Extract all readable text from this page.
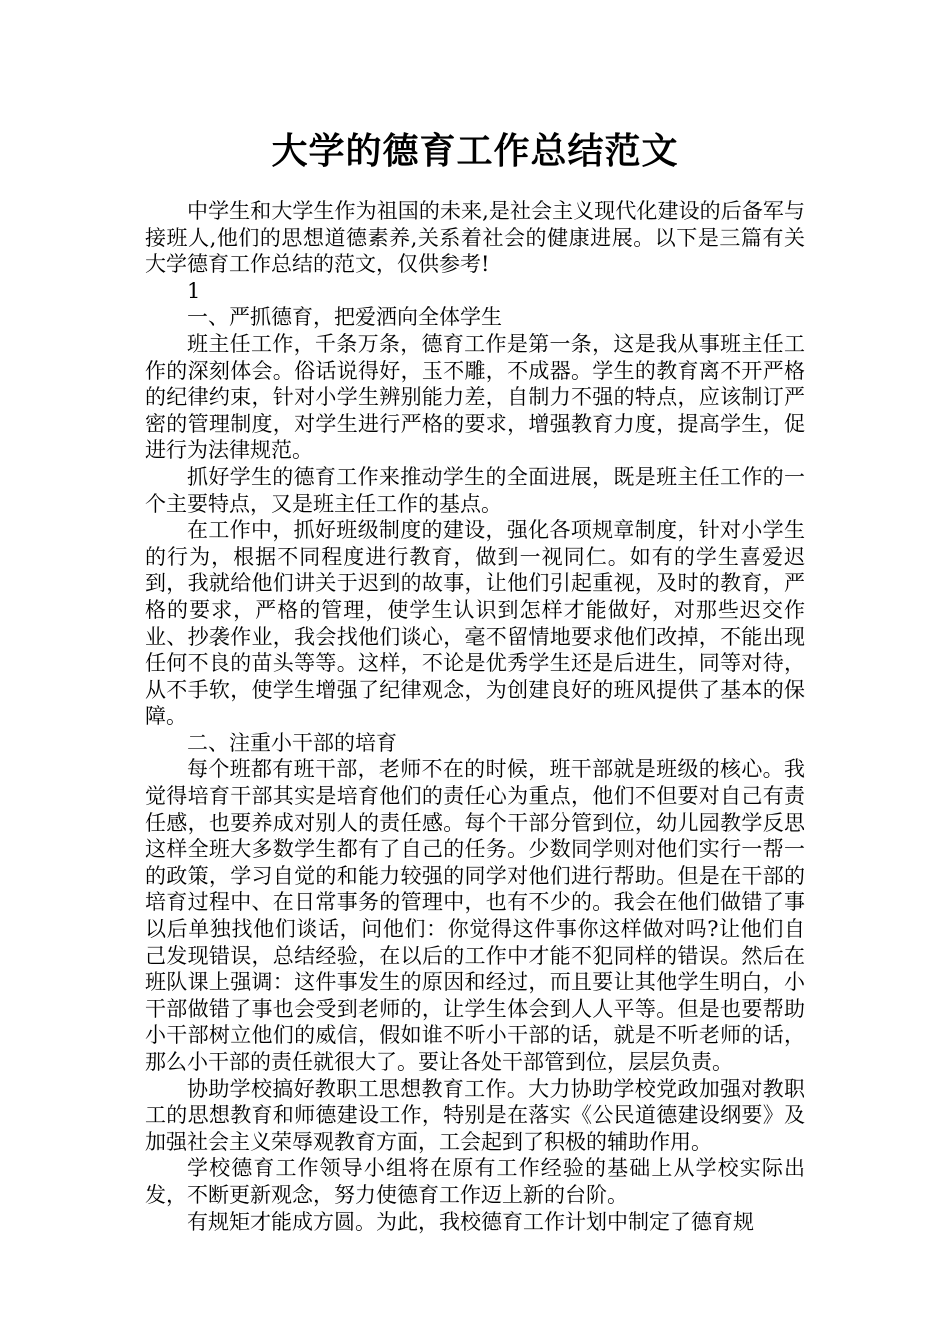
大学的德育工作总结范文

中学生和大学生作为祖国的未来,是社会主义现代化建设的后备军与接班人,他们的思想道德素养,关系着社会的健康进展。以下是三篇有关大学德育工作总结的范文，仅供参考!

1

一、严抓德育，把爱洒向全体学生

班主任工作，千条万条，德育工作是第一条，这是我从事班主任工作的深刻体会。俗话说得好，玉不雕，不成器。学生的教育离不开严格的纪律约束，针对小学生辨别能力差，自制力不强的特点，应该制订严密的管理制度，对学生进行严格的要求，增强教育力度，提高学生，促进行为法律规范。

抓好学生的德育工作来推动学生的全面进展，既是班主任工作的一个主要特点，又是班主任工作的基点。

在工作中，抓好班级制度的建设，强化各项规章制度，针对小学生的行为，根据不同程度进行教育，做到一视同仁。如有的学生喜爱迟到，我就给他们讲关于迟到的故事，让他们引起重视，及时的教育，严格的要求，严格的管理，使学生认识到怎样才能做好，对那些迟交作业、抄袭作业，我会找他们谈心，毫不留情地要求他们改掉，不能出现任何不良的苗头等等。这样，不论是优秀学生还是后进生，同等对待，从不手软，使学生增强了纪律观念，为创建良好的班风提供了基本的保障。

二、注重小干部的培育

每个班都有班干部，老师不在的时候，班干部就是班级的核心。我觉得培育干部其实是培育他们的责任心为重点，他们不但要对自己有责任感，也要养成对别人的责任感。每个干部分管到位，幼儿园教学反思这样全班大多数学生都有了自己的任务。少数同学则对他们实行一帮一的政策，学习自觉的和能力较强的同学对他们进行帮助。但是在干部的培育过程中、在日常事务的管理中，也有不少的。我会在他们做错了事以后单独找他们谈话，问他们：你觉得这件事你这样做对吗?让他们自己发现错误，总结经验，在以后的工作中才能不犯同样的错误。然后在班队课上强调：这件事发生的原因和经过，而且要让其他学生明白，小干部做错了事也会受到老师的，让学生体会到人人平等。但是也要帮助小干部树立他们的威信，假如谁不听小干部的话，就是不听老师的话，那么小干部的责任就很大了。要让各处干部管到位，层层负责。

协助学校搞好教职工思想教育工作。大力协助学校党政加强对教职工的思想教育和师德建设工作，特别是在落实《公民道德建设纲要》及加强社会主义荣辱观教育方面，工会起到了积极的辅助作用。

学校德育工作领导小组将在原有工作经验的基础上从学校实际出发，不断更新观念，努力使德育工作迈上新的台阶。

有规矩才能成方圆。为此，我校德育工作计划中制定了德育规
